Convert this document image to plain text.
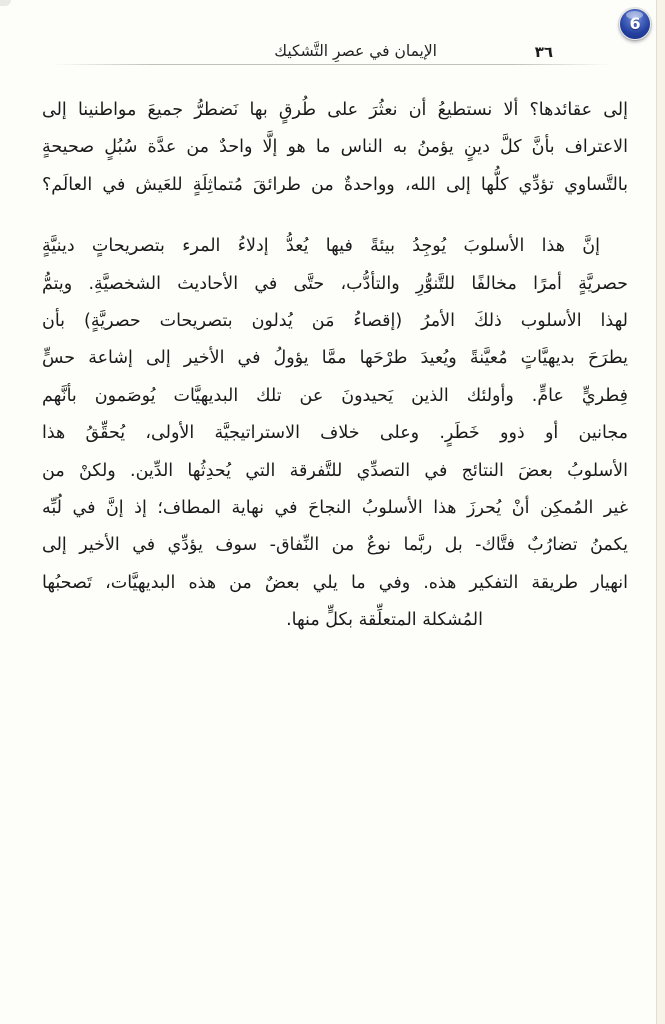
6
الإيمان في عصرِ التَّشكيك	٣٦
إلى عقائدها؟ ألا نستطيعُ أن نعثُرَ على طُرقٍ بها نَضطرُّ جميعَ مواطنينا إلى
الاعتراف بأنَّ كلَّ دينٍ يؤمنُ به الناس ما هو إلَّا واحدٌ من عدَّة سُبُلٍ صحيحةٍ
بالتَّساوي تؤدِّي كلُّها إلى الله، وواحدةٌ من طرائقَ مُتماثِلَةٍ للعَيش في العالَم؟
إنَّ هذا الأسلوبَ يُوجِدُ بيئةً فيها يُعدُّ إدلاءُ المرء بتصريحاتٍ دينيَّةٍ
حصريَّةٍ أمرًا مخالفًا للتَّنوُّرِ والتأدُّب، حتَّى في الأحاديث الشخصيَّةِ. ويتمُّ
لهذا الأسلوب ذلكَ الأمرُ (إقصاءُ مَن يُدلون بتصريحات حصريَّةٍ) بأن
يطرَحَ بديهيَّاتٍ مُعيَّنةً ويُعيدَ طرْحَها ممَّا يؤولُ في الأخير إلى إشاعة حسٍّ
فِطريٍّ عامٍّ. وأولئك الذين يَحيدونَ عن تلك البديهيَّات يُوصَمون بأنَّهم
مجانين أو ذوو خَطَرٍ. وعلى خلاف الاستراتيجيَّة الأولى، يُحقِّقُ هذا
الأسلوبُ بعضَ النتائج في التصدِّي للتَّفرقة التي يُحدِثُها الدِّين. ولكنْ من
غير المُمكِن أنْ يُحرزَ هذا الأسلوبُ النجاحَ في نهاية المطاف؛ إذ إنَّ في لُبِّه
يكمنُ تضارُبٌ فتَّاك- بل ربَّما نوعٌ من النِّفاق- سوف يؤدِّي في الأخير إلى
انهيار طريقة التفكير هذه. وفي ما يلي بعضٌ من هذه البديهيَّات، تَصحبُها
المُشكلة المتعلِّقة بكلٍّ منها.
